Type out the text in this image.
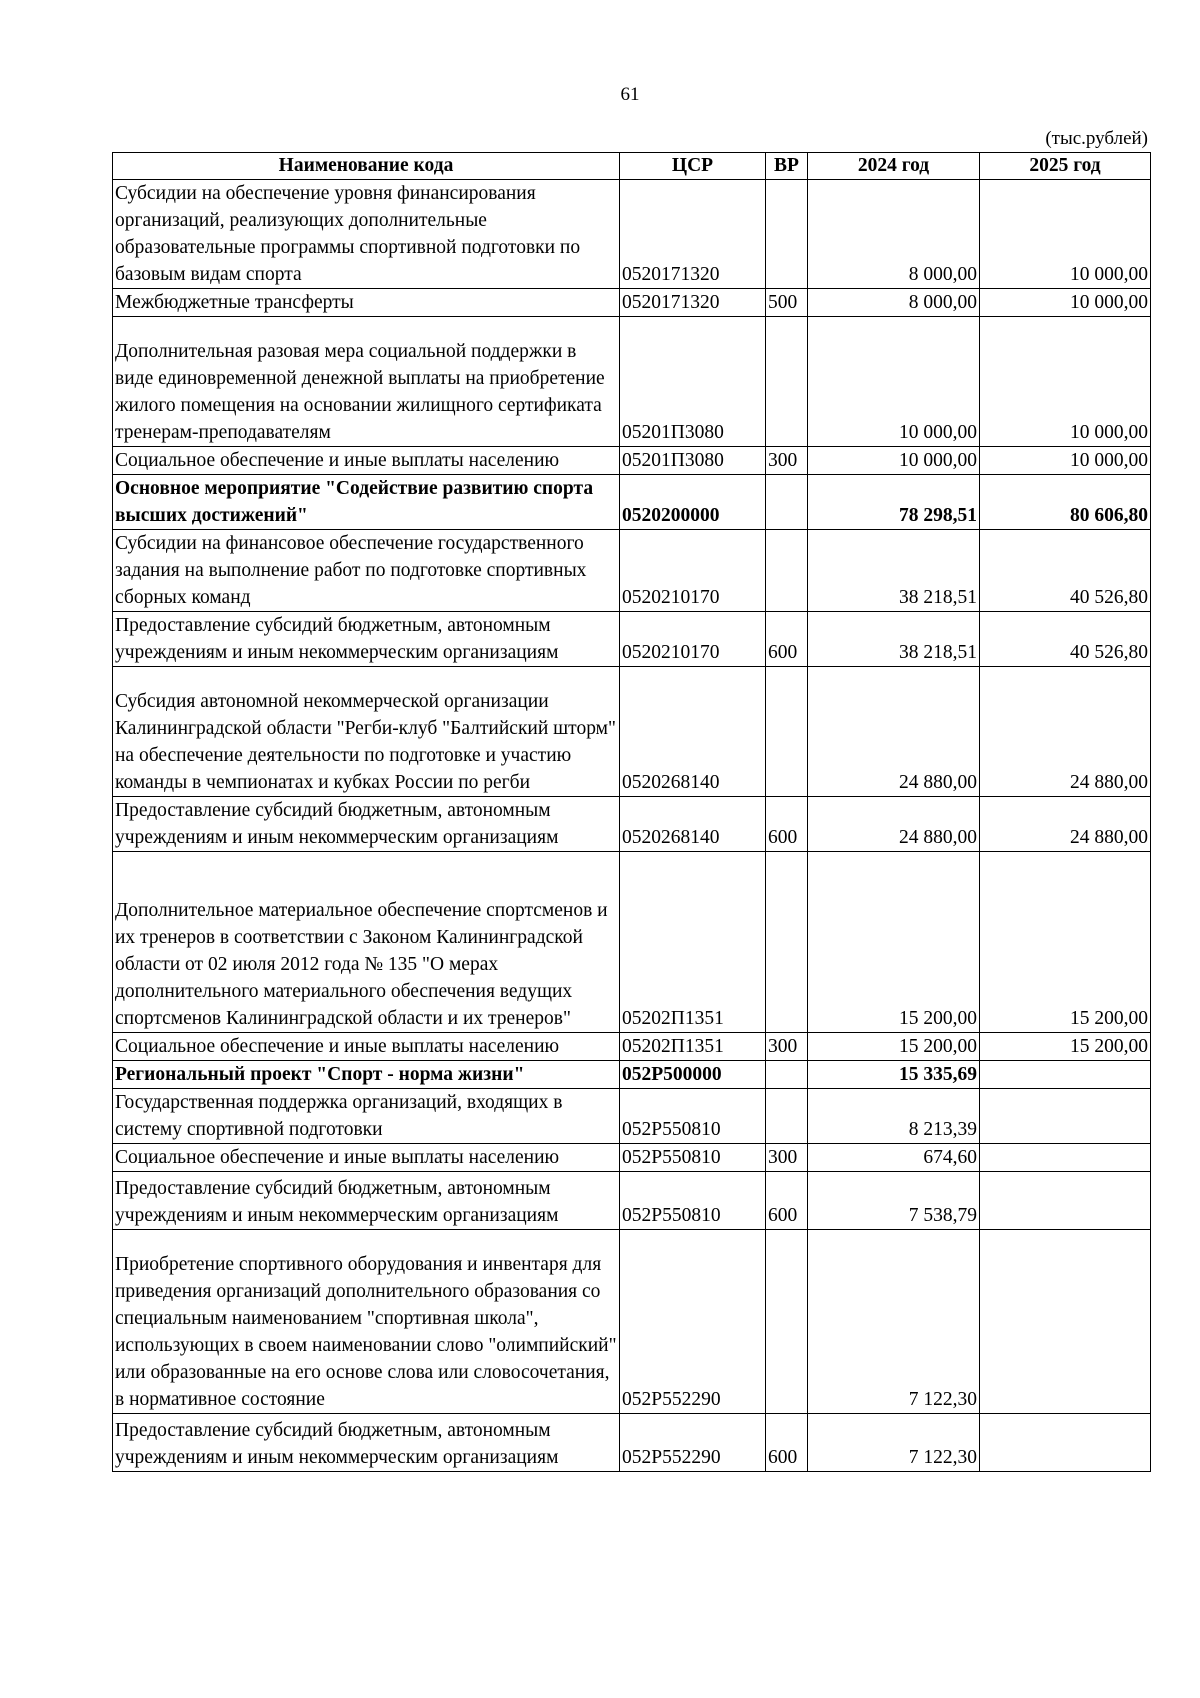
61
(тыс.рублей)
Наименование кода	ЦСР	ВР	2024 год	2025 год
Субсидии на обеспечение уровня финансирования организаций, реализующих дополнительные образовательные программы спортивной подготовки по базовым видам спорта	0520171320		8 000,00	10 000,00
Межбюджетные трансферты	0520171320	500	8 000,00	10 000,00
Дополнительная разовая мера социальной поддержки в виде единовременной денежной выплаты на приобретение жилого помещения на основании жилищного сертификата тренерам-преподавателям	05201П3080		10 000,00	10 000,00
Социальное обеспечение и иные выплаты населению	05201П3080	300	10 000,00	10 000,00
Основное мероприятие "Содействие развитию спорта высших достижений"	0520200000		78 298,51	80 606,80
Субсидии на финансовое обеспечение государственного задания на выполнение работ по подготовке спортивных сборных команд	0520210170		38 218,51	40 526,80
Предоставление субсидий бюджетным, автономным учреждениям и иным некоммерческим организациям	0520210170	600	38 218,51	40 526,80
Субсидия автономной некоммерческой организации Калининградской области "Регби-клуб "Балтийский шторм" на обеспечение деятельности по подготовке и участию команды в чемпионатах и кубках России по регби	0520268140		24 880,00	24 880,00
Предоставление субсидий бюджетным, автономным учреждениям и иным некоммерческим организациям	0520268140	600	24 880,00	24 880,00
Дополнительное материальное обеспечение спортсменов и их тренеров в соответствии с Законом Калининградской области от 02 июля 2012 года № 135 "О мерах дополнительного материального обеспечения ведущих спортсменов Калининградской области и их тренеров"	05202П1351		15 200,00	15 200,00
Социальное обеспечение и иные выплаты населению	05202П1351	300	15 200,00	15 200,00
Региональный проект "Спорт - норма жизни"	052P500000		15 335,69	
Государственная поддержка организаций, входящих в систему спортивной подготовки	052P550810		8 213,39	
Социальное обеспечение и иные выплаты населению	052P550810	300	674,60	
Предоставление субсидий бюджетным, автономным учреждениям и иным некоммерческим организациям	052P550810	600	7 538,79	
Приобретение спортивного оборудования и инвентаря для приведения организаций дополнительного образования со специальным наименованием "спортивная школа", использующих в своем наименовании слово "олимпийский" или образованные на его основе слова или словосочетания, в нормативное состояние	052P552290		7 122,30	
Предоставление субсидий бюджетным, автономным учреждениям и иным некоммерческим организациям	052P552290	600	7 122,30	
